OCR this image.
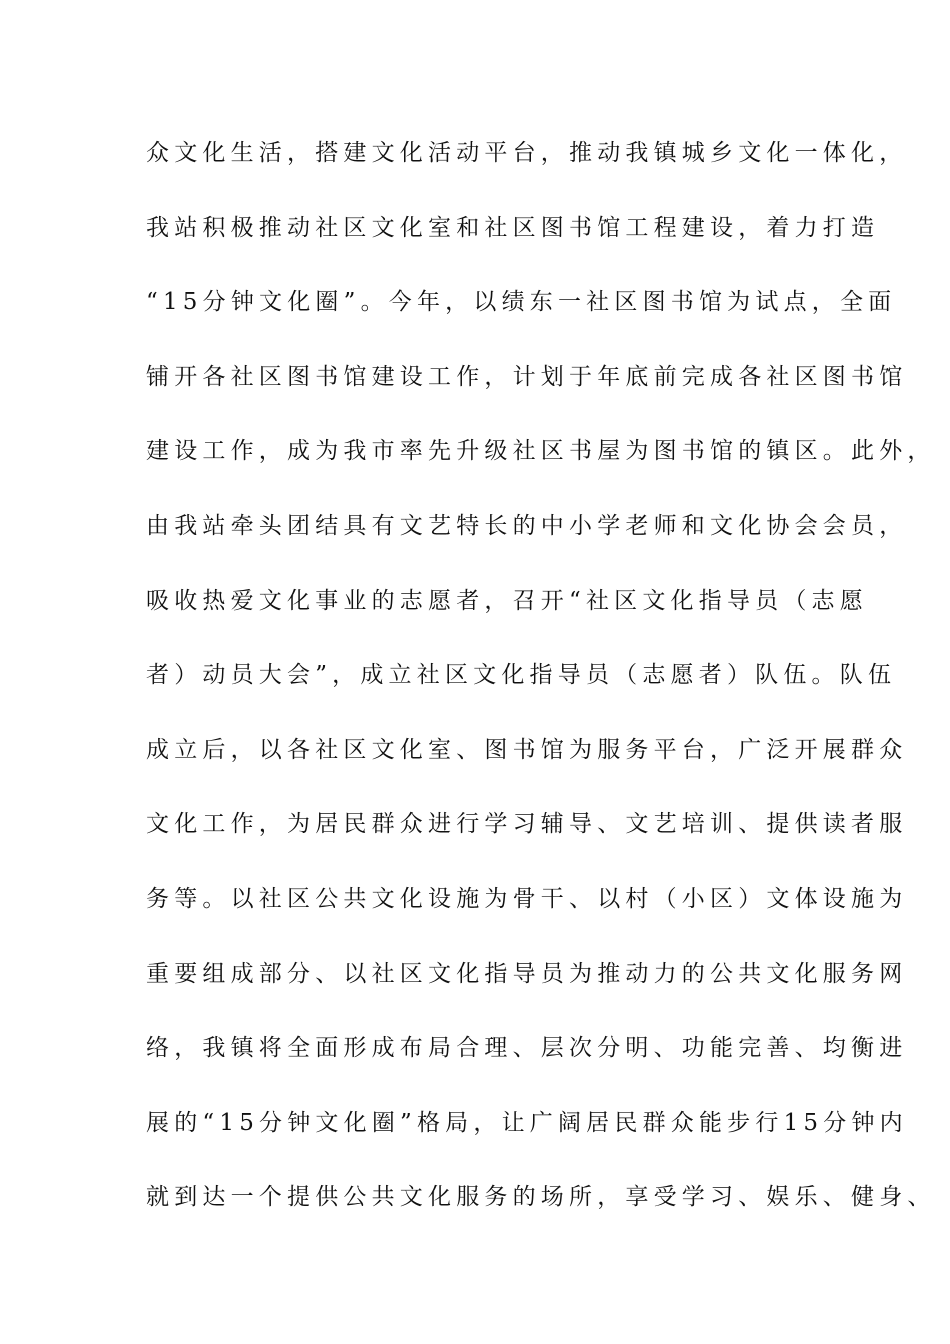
众文化生活，搭建文化活动平台，推动我镇城乡文化一体化，

我站积极推动社区文化室和社区图书馆工程建设，着力打造

“15分钟文化圈”。今年，以绩东一社区图书馆为试点，全面

铺开各社区图书馆建设工作，计划于年底前完成各社区图书馆

建设工作，成为我市率先升级社区书屋为图书馆的镇区。此外，

由我站牵头团结具有文艺特长的中小学老师和文化协会会员，

吸收热爱文化事业的志愿者，召开“社区文化指导员（志愿

者）动员大会”，成立社区文化指导员（志愿者）队伍。队伍

成立后，以各社区文化室、图书馆为服务平台，广泛开展群众

文化工作，为居民群众进行学习辅导、文艺培训、提供读者服

务等。以社区公共文化设施为骨干、以村（小区）文体设施为

重要组成部分、以社区文化指导员为推动力的公共文化服务网

络，我镇将全面形成布局合理、层次分明、功能完善、均衡进

展的“15分钟文化圈”格局，让广阔居民群众能步行15分钟内

就到达一个提供公共文化服务的场所，享受学习、娱乐、健身、
